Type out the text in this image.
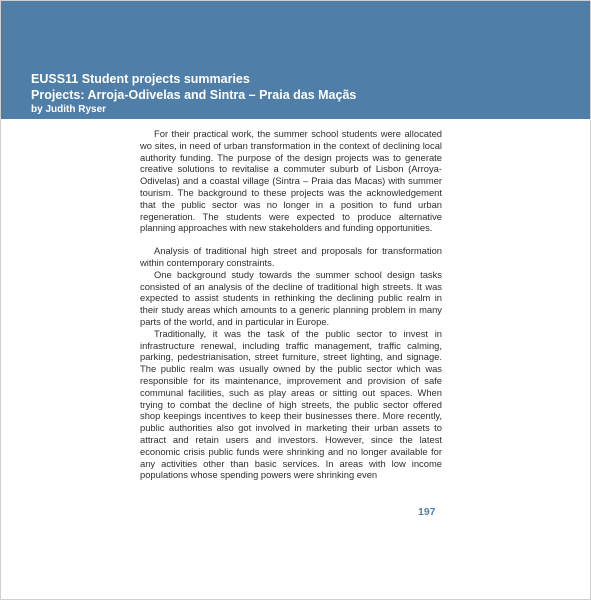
EUSS11 Student projects summaries
Projects: Arroja-Odivelas and Sintra – Praia das Maçãs
by Judith Ryser

For their practical work, the summer school students were allocated wo sites, in need of urban transformation in the context of declining local authority funding. The purpose of the design projects was to generate creative solutions to revitalise a commuter suburb of Lisbon (Arroya-Odivelas) and a coastal village (Sintra – Praia das Macas) with summer tourism. The background to these projects was the acknowledgement that the public sector was no longer in a position to fund urban regeneration. The students were expected to produce alternative planning approaches with new stakeholders and funding opportunities.

Analysis of traditional high street and proposals for transformation within contemporary constraints.

One background study towards the summer school design tasks consisted of an analysis of the decline of traditional high streets. It was expected to assist students in rethinking the declining public realm in their study areas which amounts to a generic planning problem in many parts of the world, and in particular in Europe.

Traditionally, it was the task of the public sector to invest in infrastructure renewal, including traffic management, traffic calming, parking, pedestrianisation, street furniture, street lighting, and signage. The public realm was usually owned by the public sector which was responsible for its maintenance, improvement and provision of safe communal facilities, such as play areas or sitting out spaces. When trying to combat the decline of high streets, the public sector offered shop keepings incentives to keep their businesses there. More recently, public authorities also got involved in marketing their urban assets to attract and retain users and investors. However, since the latest economic crisis public funds were shrinking and no longer available for any activities other than basic services. In areas with low income populations whose spending powers were shrinking even

197
